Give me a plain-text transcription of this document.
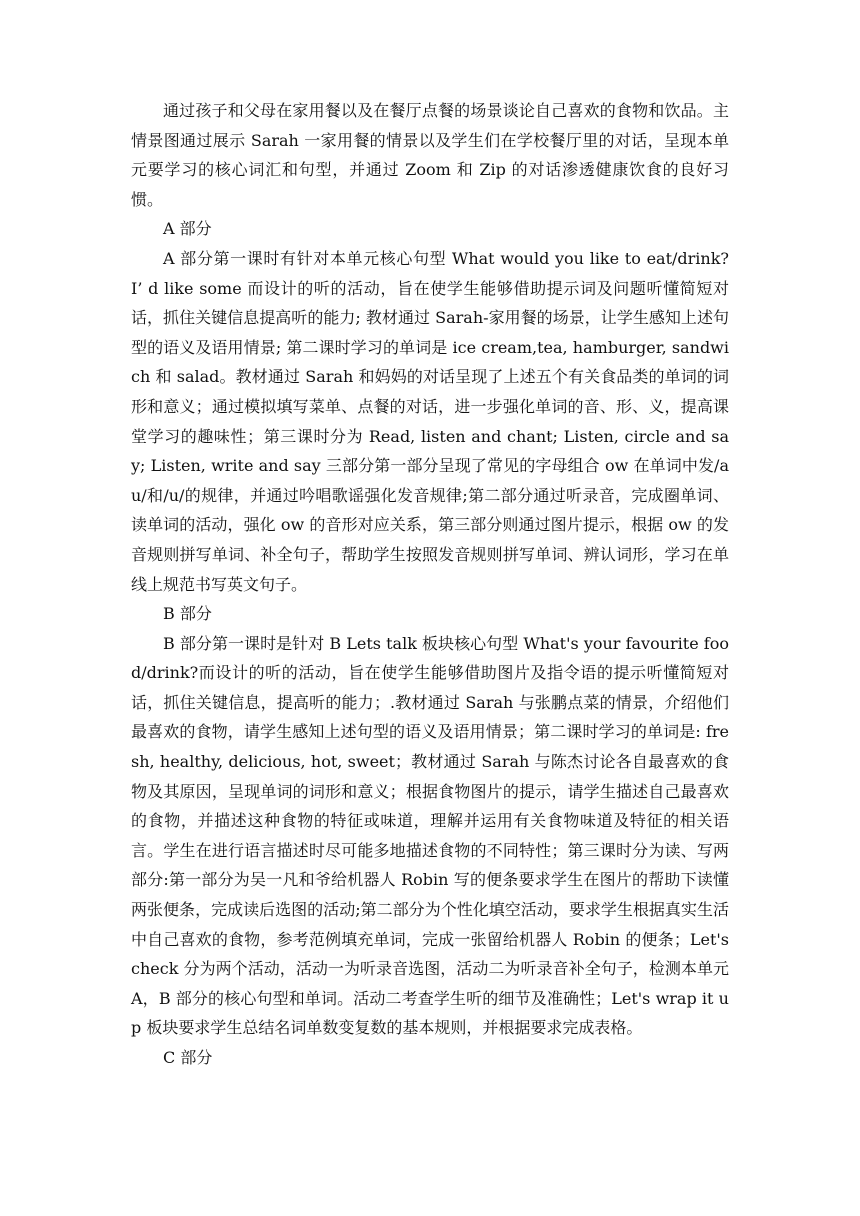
通过孩子和父母在家用餐以及在餐厅点餐的场景谈论自己喜欢的食物和饮品。主情景图通过展示 Sarah 一家用餐的情景以及学生们在学校餐厅里的对话，呈现本单元要学习的核心词汇和句型，并通过 Zoom 和 Zip 的对话渗透健康饮食的良好习惯。

A 部分

A 部分第一课时有针对本单元核心句型 What would you like to eat/drink? I’ d like some 而设计的听的活动，旨在使学生能够借助提示词及问题听懂简短对话，抓住关键信息提高听的能力; 教材通过 Sarah-家用餐的场景，让学生感知上述句型的语义及语用情景; 第二课时学习的单词是 ice cream,tea, hamburger, sandwich 和 salad。教材通过 Sarah 和妈妈的对话呈现了上述五个有关食品类的单词的词形和意义；通过模拟填写菜单、点餐的对话，进一步强化单词的音、形、义，提高课堂学习的趣味性；第三课时分为 Read, listen and chant; Listen, circle and say; Listen, write and say 三部分第一部分呈现了常见的字母组合 ow 在单词中发/au/和/u/的规律，并通过吟唱歌谣强化发音规律;第二部分通过听录音，完成圈单词、读单词的活动，强化 ow 的音形对应关系，第三部分则通过图片提示，根据 ow 的发音规则拼写单词、补全句子，帮助学生按照发音规则拼写单词、辨认词形，学习在单线上规范书写英文句子。

B 部分

B 部分第一课时是针对 B Lets talk 板块核心句型 What's your favourite food/drink?而设计的听的活动，旨在使学生能够借助图片及指令语的提示听懂简短对话，抓住关键信息，提高听的能力；.教材通过 Sarah 与张鹏点菜的情景，介绍他们最喜欢的食物，请学生感知上述句型的语义及语用情景；第二课时学习的单词是: fresh, healthy, delicious, hot, sweet；教材通过 Sarah 与陈杰讨论各自最喜欢的食物及其原因，呈现单词的词形和意义；根据食物图片的提示，请学生描述自己最喜欢的食物，并描述这种食物的特征或味道，理解并运用有关食物味道及特征的相关语言。学生在进行语言描述时尽可能多地描述食物的不同特性；第三课时分为读、写两部分:第一部分为吴一凡和爷给机器人 Robin 写的便条要求学生在图片的帮助下读懂两张便条，完成读后选图的活动;第二部分为个性化填空活动，要求学生根据真实生活中自己喜欢的食物，参考范例填充单词，完成一张留给机器人 Robin 的便条；Let's check 分为两个活动，活动一为听录音选图，活动二为听录音补全句子，检测本单元 A，B 部分的核心句型和单词。活动二考查学生听的细节及准确性；Let's wrap it up 板块要求学生总结名词单数变复数的基本规则，并根据要求完成表格。

C 部分
